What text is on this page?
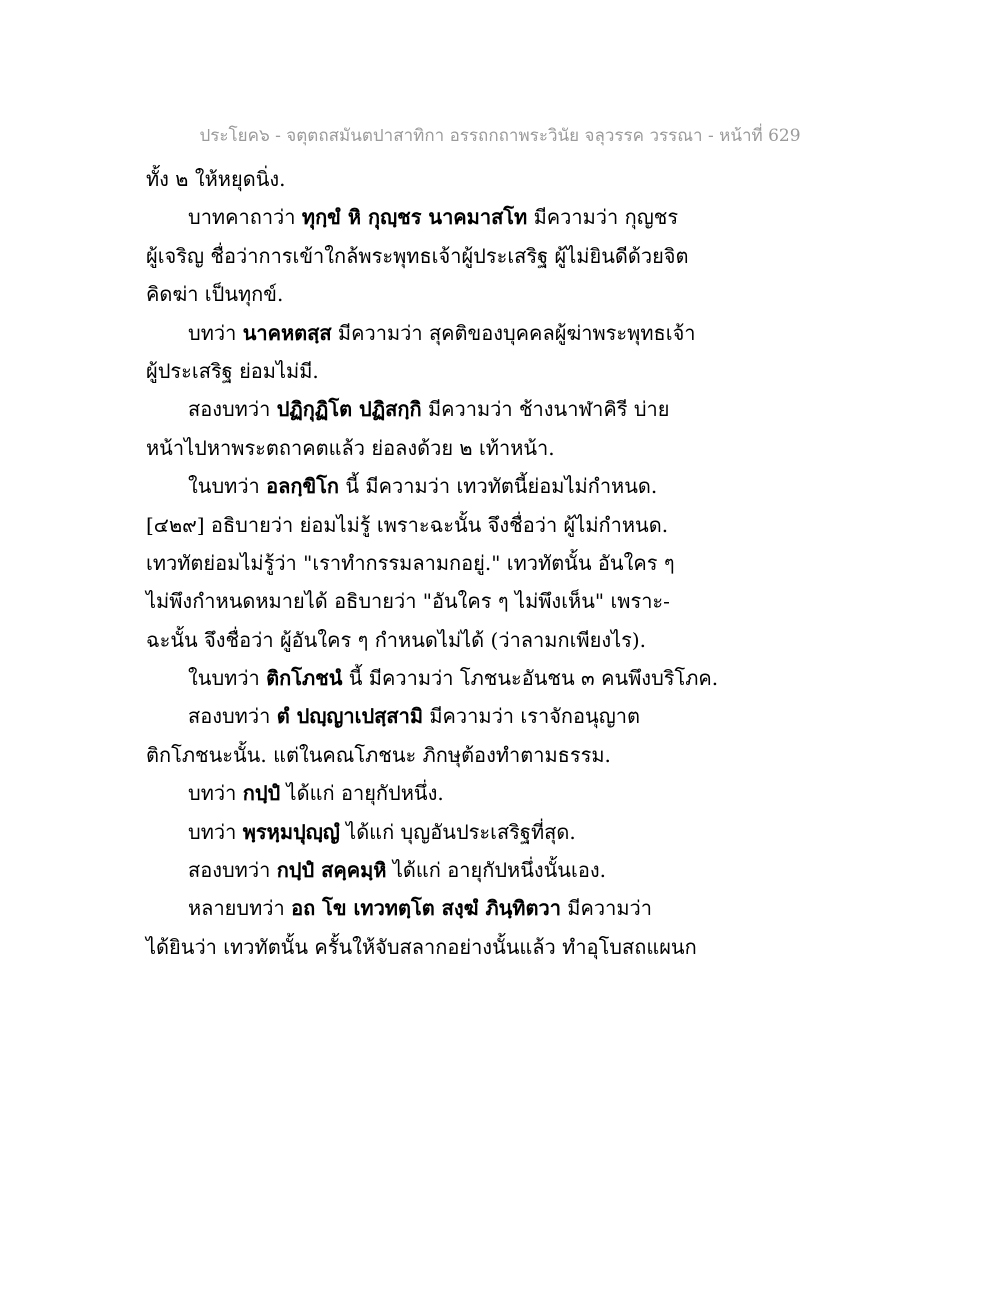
ประโยค๖ - จตุตถสมันตปาสาทิกา อรรถกถาพระวินัย จลุวรรค วรรณา - หน้าที่ 629
ทั้ง ๒ ให้หยุดนิ่ง.
บาทคาถาว่า ทุกฺขํ หิ กุญฺชร นาคมาสโท มีความว่า กุญชร
ผู้เจริญ ชื่อว่าการเข้าใกล้พระพุทธเจ้าผู้ประเสริฐ ผู้ไม่ยินดีด้วยจิต
คิดฆ่า เป็นทุกข์.
บทว่า นาคหตสฺส มีความว่า สุคติของบุคคลผู้ฆ่าพระพุทธเจ้า
ผู้ประเสริฐ ย่อมไม่มี.
สองบทว่า ปฏิกุฏิโต ปฏิสกฺกิ มีความว่า ช้างนาฬาคิรี บ่าย
หน้าไปหาพระตถาคตแล้ว ย่อลงด้วย ๒ เท้าหน้า.
ในบทว่า อลกฺขิโก นี้ มีความว่า เทวทัตนี้ย่อมไม่กำหนด.
[๔๒๙] อธิบายว่า ย่อมไม่รู้ เพราะฉะนั้น จึงชื่อว่า ผู้ไม่กำหนด.
เทวทัตย่อมไม่รู้ว่า "เราทำกรรมลามกอยู่." เทวทัตนั้น อันใคร ๆ
ไม่พึงกำหนดหมายได้ อธิบายว่า "อันใคร ๆ ไม่พึงเห็น" เพราะ-
ฉะนั้น จึงชื่อว่า ผู้อันใคร ๆ กำหนดไม่ได้ (ว่าลามกเพียงไร).
ในบทว่า ติกโภชนํ นี้ มีความว่า โภชนะอันชน ๓ คนพึงบริโภค.
สองบทว่า ตํ ปญฺญาเปสฺสามิ มีความว่า เราจักอนุญาต
ติกโภชนะนั้น. แต่ในคณโภชนะ ภิกษุต้องทำตามธรรม.
บทว่า กปฺปํ ได้แก่ อายุกัปหนึ่ง.
บทว่า พฺรหฺมปุญฺญํ ได้แก่ บุญอันประเสริฐที่สุด.
สองบทว่า กปฺปํ สคฺคมฺหิ ได้แก่ อายุกัปหนึ่งนั้นเอง.
หลายบทว่า อถ โข เทวทตฺโต สงฺฆํ ภินฺทิตวา มีความว่า
ได้ยินว่า เทวทัตนั้น ครั้นให้จับสลากอย่างนั้นแล้ว ทำอุโบสถแผนก
